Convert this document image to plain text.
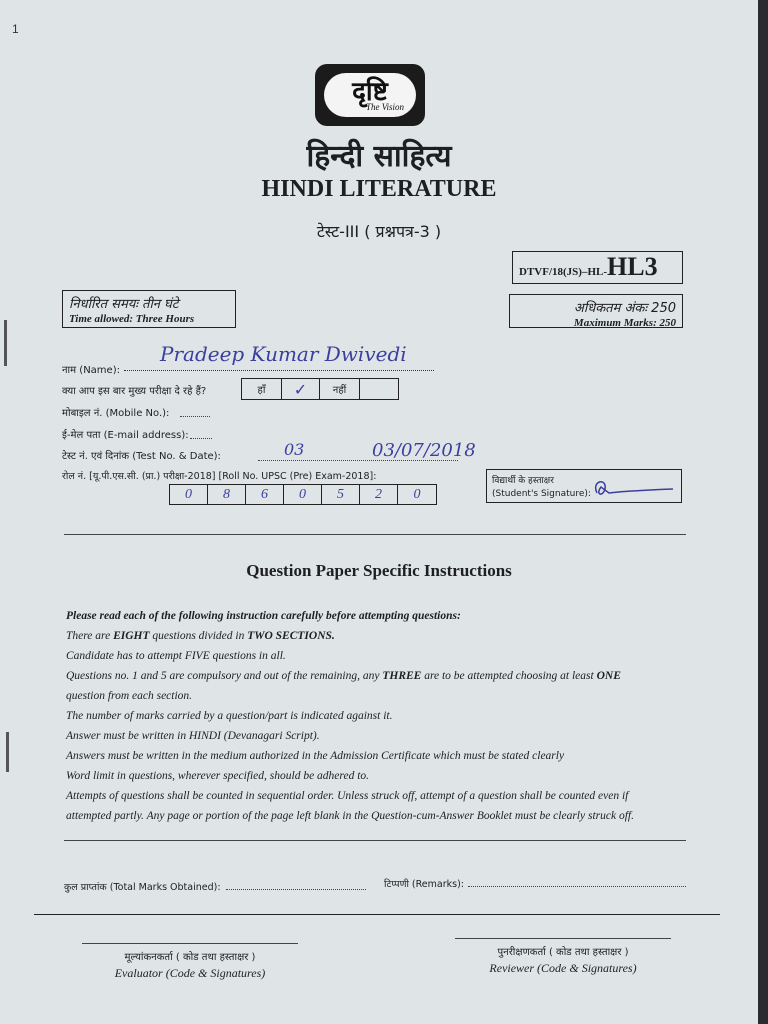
1
दृष्टि
The Vision
हिन्दी साहित्य
HINDI LITERATURE
टेस्ट-III ( प्रश्नपत्र-3 )
DTVF/18(JS)–HL- HL3
निर्धारित समयः तीन घंटे
Time allowed: Three Hours
अधिकतम अंकः 250
Maximum Marks: 250
नाम (Name):
Pradeep Kumar Dwivedi
क्या आप इस बार मुख्य परीक्षा दे रहे हैं?	हाँ	✓	नहीं
मोबाइल नं. (Mobile No.):
ई-मेल पता (E-mail address):
टेस्ट नं. एवं दिनांक (Test No. & Date):	03	03/07/2018
रोल नं. [यू.पी.एस.सी. (प्रा.) परीक्षा-2018] [Roll No. UPSC (Pre) Exam-2018]:
0	8	6	0	5	2	0
विद्यार्थी के हस्ताक्षर
(Student's Signature):
Question Paper Specific Instructions

Please read each of the following instruction carefully before attempting questions:

There are EIGHT questions divided in TWO SECTIONS.

Candidate has to attempt FIVE questions in all.

Questions no. 1 and 5 are compulsory and out of the remaining, any THREE are to be attempted choosing at least ONE

question from each section.

The number of marks carried by a question/part is indicated against it.

Answer must be written in HINDI (Devanagari Script).

Answers must be written in the medium authorized in the Admission Certificate which must be stated clearly

Word limit in questions, wherever specified, should be adhered to.

Attempts of questions shall be counted in sequential order. Unless struck off, attempt of a question shall be counted even if

attempted partly. Any page or portion of the page left blank in the Question-cum-Answer Booklet must be clearly struck off.

कुल प्राप्तांक (Total Marks Obtained):	टिप्पणी (Remarks):
मूल्यांकनकर्ता ( कोड तथा हस्ताक्षर )
Evaluator (Code & Signatures)
पुनरीक्षणकर्ता ( कोड तथा हस्ताक्षर )
Reviewer (Code & Signatures)
